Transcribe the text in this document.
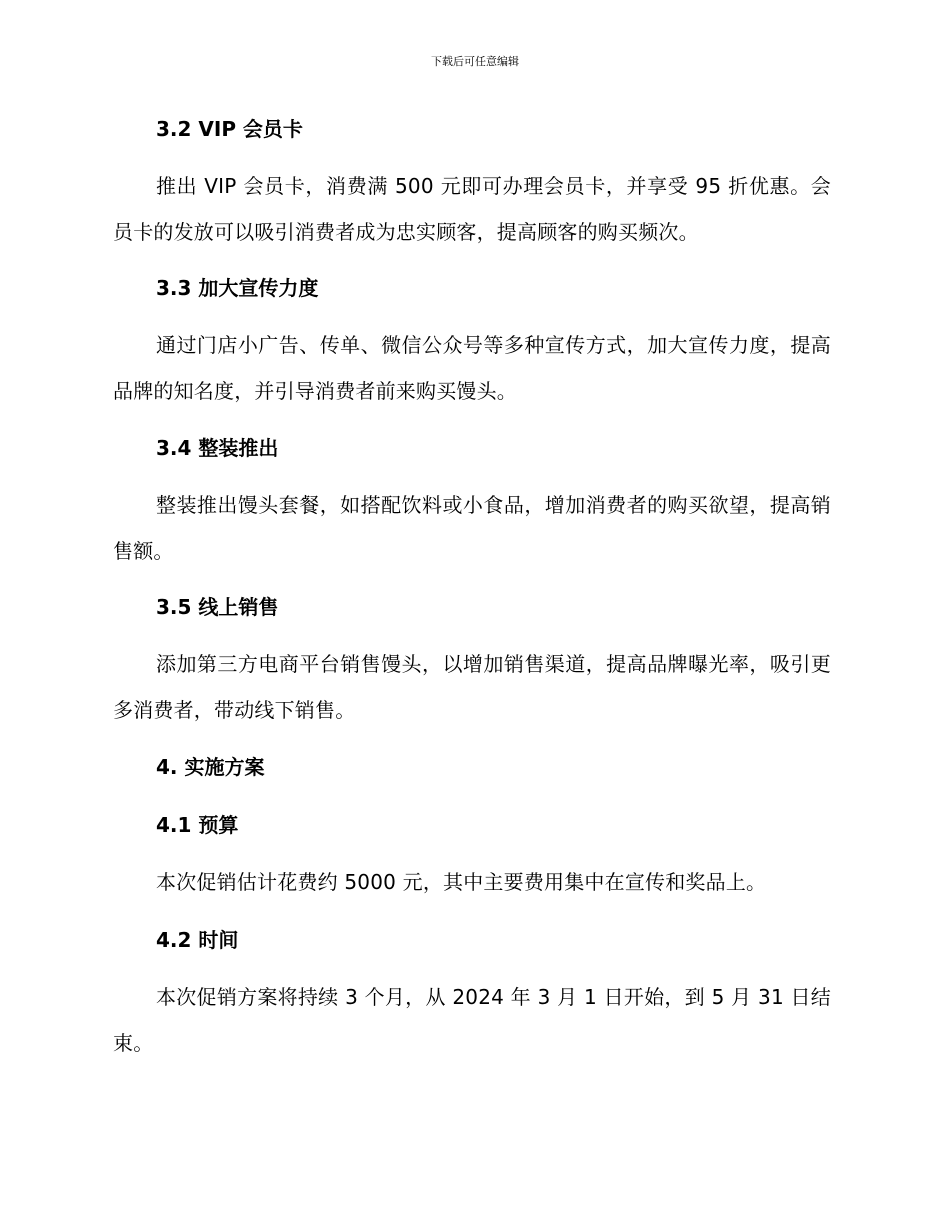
下载后可任意编辑
3.2 VIP 会员卡
推出 VIP 会员卡，消费满 500 元即可办理会员卡，并享受 95 折优惠。会员卡的发放可以吸引消费者成为忠实顾客，提高顾客的购买频次。
3.3 加大宣传力度
通过门店小广告、传单、微信公众号等多种宣传方式，加大宣传力度，提高品牌的知名度，并引导消费者前来购买馒头。
3.4 整装推出
整装推出馒头套餐，如搭配饮料或小食品，增加消费者的购买欲望，提高销售额。
3.5 线上销售
添加第三方电商平台销售馒头，以增加销售渠道，提高品牌曝光率，吸引更多消费者，带动线下销售。
4. 实施方案
4.1 预算
本次促销估计花费约 5000 元，其中主要费用集中在宣传和奖品上。
4.2 时间
本次促销方案将持续 3 个月，从 2024 年 3 月 1 日开始，到 5 月 31 日结束。
